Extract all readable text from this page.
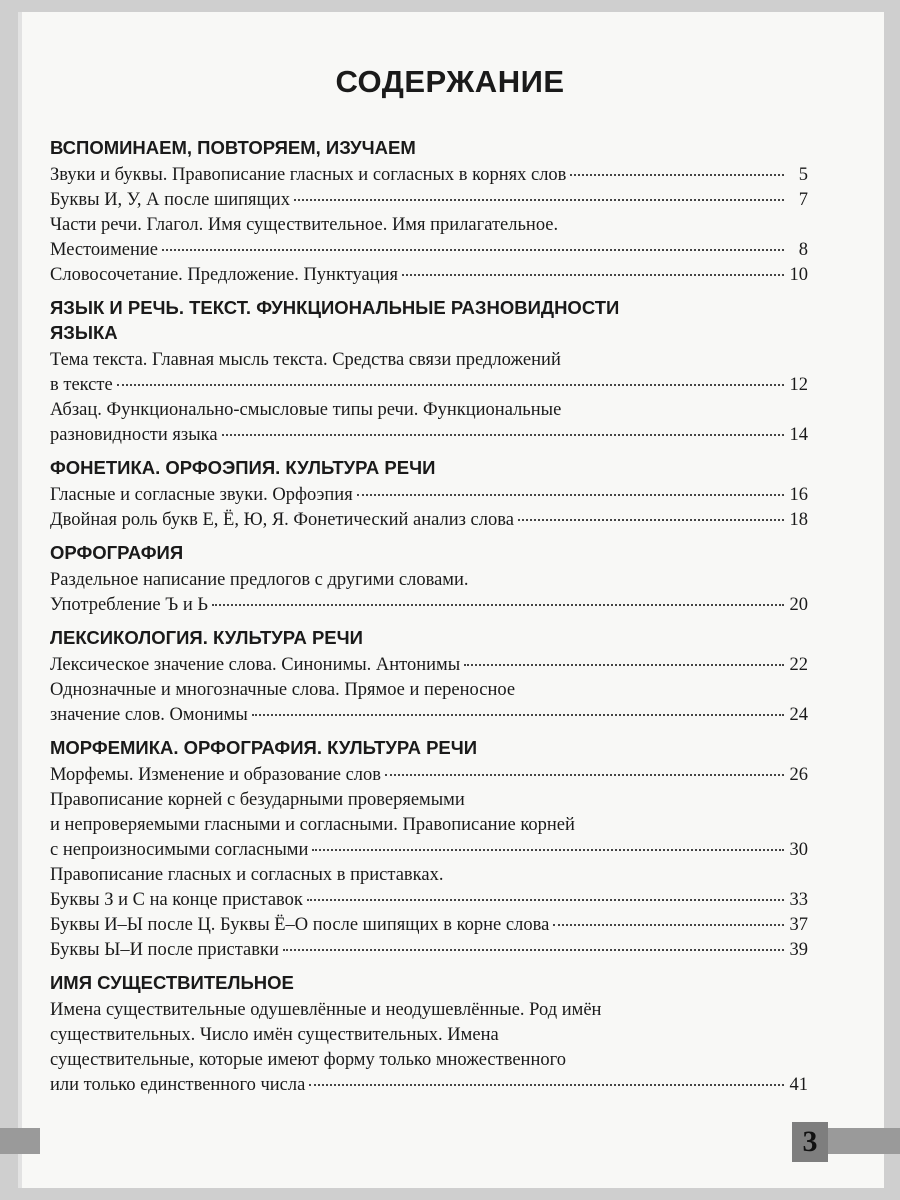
3
СОДЕРЖАНИЕ
ВСПОМИНАЕМ, ПОВТОРЯЕМ, ИЗУЧАЕМ
Звуки и буквы. Правописание гласных и согласных в корнях слов	5
Буквы И, У, А после шипящих	7
Части речи. Глагол. Имя существительное. Имя прилагательное.
Местоимение	8
Словосочетание. Предложение. Пунктуация	10
ЯЗЫК И РЕЧЬ. ТЕКСТ. ФУНКЦИОНАЛЬНЫЕ РАЗНОВИДНОСТИ
ЯЗЫКА
Тема текста. Главная мысль текста. Средства связи предложений
в тексте	12
Абзац. Функционально-смысловые типы речи. Функциональные
разновидности языка	14
ФОНЕТИКА. ОРФОЭПИЯ. КУЛЬТУРА РЕЧИ
Гласные и согласные звуки. Орфоэпия	16
Двойная роль букв Е, Ё, Ю, Я. Фонетический анализ слова	18
ОРФОГРАФИЯ
Раздельное написание предлогов с другими словами.
Употребление Ъ и Ь	20
ЛЕКСИКОЛОГИЯ. КУЛЬТУРА РЕЧИ
Лексическое значение слова. Синонимы. Антонимы	22
Однозначные и многозначные слова. Прямое и переносное
значение слов. Омонимы	24
МОРФЕМИКА. ОРФОГРАФИЯ. КУЛЬТУРА РЕЧИ
Морфемы. Изменение и образование слов	26
Правописание корней с безударными проверяемыми
и непроверяемыми гласными и согласными. Правописание корней
с непроизносимыми согласными	30
Правописание гласных и согласных в приставках.
Буквы З и С на конце приставок	33
Буквы И–Ы после Ц. Буквы Ё–О после шипящих в корне слова	37
Буквы Ы–И после приставки	39
ИМЯ СУЩЕСТВИТЕЛЬНОЕ
Имена существительные одушевлённые и неодушевлённые. Род имён
существительных. Число имён существительных. Имена
существительные, которые имеют форму только множественного
или только единственного числа	41
